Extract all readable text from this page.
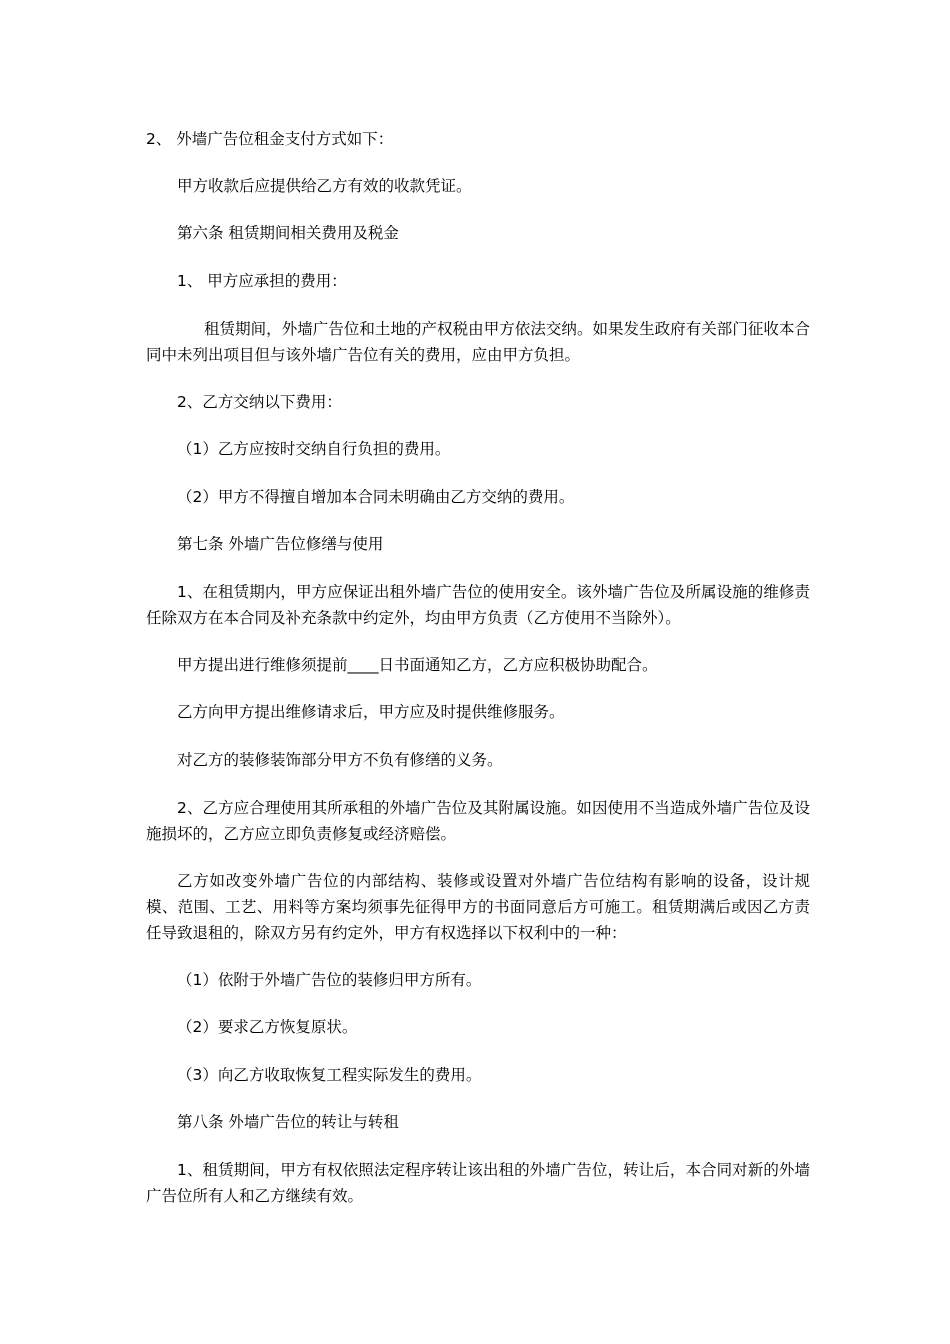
2、 外墙广告位租金支付方式如下：

甲方收款后应提供给乙方有效的收款凭证。

第六条 租赁期间相关费用及税金

1、 甲方应承担的费用：

租赁期间，外墙广告位和土地的产权税由甲方依法交纳。如果发生政府有关部门征收本合同中未列出项目但与该外墙广告位有关的费用，应由甲方负担。

2、乙方交纳以下费用：

（1）乙方应按时交纳自行负担的费用。

（2）甲方不得擅自增加本合同未明确由乙方交纳的费用。

第七条 外墙广告位修缮与使用

1、在租赁期内，甲方应保证出租外墙广告位的使用安全。该外墙广告位及所属设施的维修责任除双方在本合同及补充条款中约定外，均由甲方负责（乙方使用不当除外）。

甲方提出进行维修须提前____日书面通知乙方，乙方应积极协助配合。

乙方向甲方提出维修请求后，甲方应及时提供维修服务。

对乙方的装修装饰部分甲方不负有修缮的义务。

2、乙方应合理使用其所承租的外墙广告位及其附属设施。如因使用不当造成外墙广告位及设施损坏的，乙方应立即负责修复或经济赔偿。

乙方如改变外墙广告位的内部结构、装修或设置对外墙广告位结构有影响的设备，设计规模、范围、工艺、用料等方案均须事先征得甲方的书面同意后方可施工。租赁期满后或因乙方责任导致退租的，除双方另有约定外，甲方有权选择以下权利中的一种：

（1）依附于外墙广告位的装修归甲方所有。

（2）要求乙方恢复原状。

（3）向乙方收取恢复工程实际发生的费用。

第八条 外墙广告位的转让与转租

1、租赁期间，甲方有权依照法定程序转让该出租的外墙广告位，转让后，本合同对新的外墙广告位所有人和乙方继续有效。
